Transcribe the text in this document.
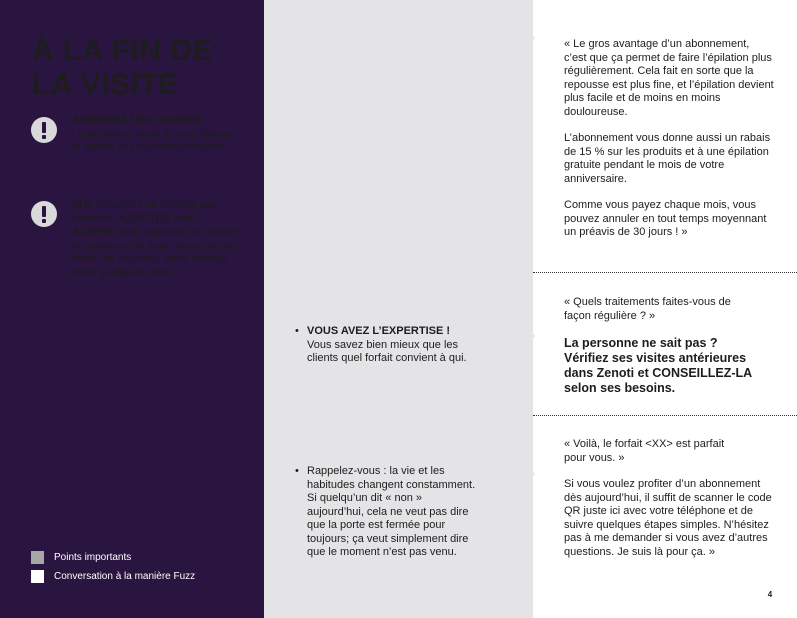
À LA FIN DE
LA VISITE
AFFIRMEZ LES CHOSES.
La personne vous fera confiance et suivra vos recommandations !
Si la personne ne devient pas membre, AJOUTEZ UNE ALERTE pour rappeler les forfaits en indiquant la date. Vous pourrez tenter de nouveau votre chance dans quelques mois !
Points importants
Conversation à la manière Fuzz
• VOUS AVEZ L’EXPERTISE !
Vous savez bien mieux que les clients quel forfait convient à qui.
• Rappelez-vous : la vie et les habitudes changent constamment. Si quelqu’un dit « non » aujourd’hui, cela ne veut pas dire que la porte est fermée pour toujours; ça veut simplement dire que le moment n’est pas venu.
« Le gros avantage d’un abonnement, c’est que ça permet de faire l’épilation plus régulièrement. Cela fait en sorte que la repousse est plus fine, et l’épilation devient plus facile et de moins en moins douloureuse.
L’abonnement vous donne aussi un rabais de 15 % sur les produits et à une épilation gratuite pendant le mois de votre anniversaire.
Comme vous payez chaque mois, vous pouvez annuler en tout temps moyennant un préavis de 30 jours ! »
« Quels traitements faites-vous de façon régulière ? »
La personne ne sait pas ? Vérifiez ses visites antérieures dans Zenoti et CONSEILLEZ-LA selon ses besoins.
« Voilà, le forfait <XX> est parfait pour vous. »
Si vous voulez profiter d’un abonnement dès aujourd’hui, il suffit de scanner le code QR juste ici avec votre téléphone et de suivre quelques étapes simples. N’hésitez pas à me demander si vous avez d’autres questions. Je suis là pour ça. »
4
